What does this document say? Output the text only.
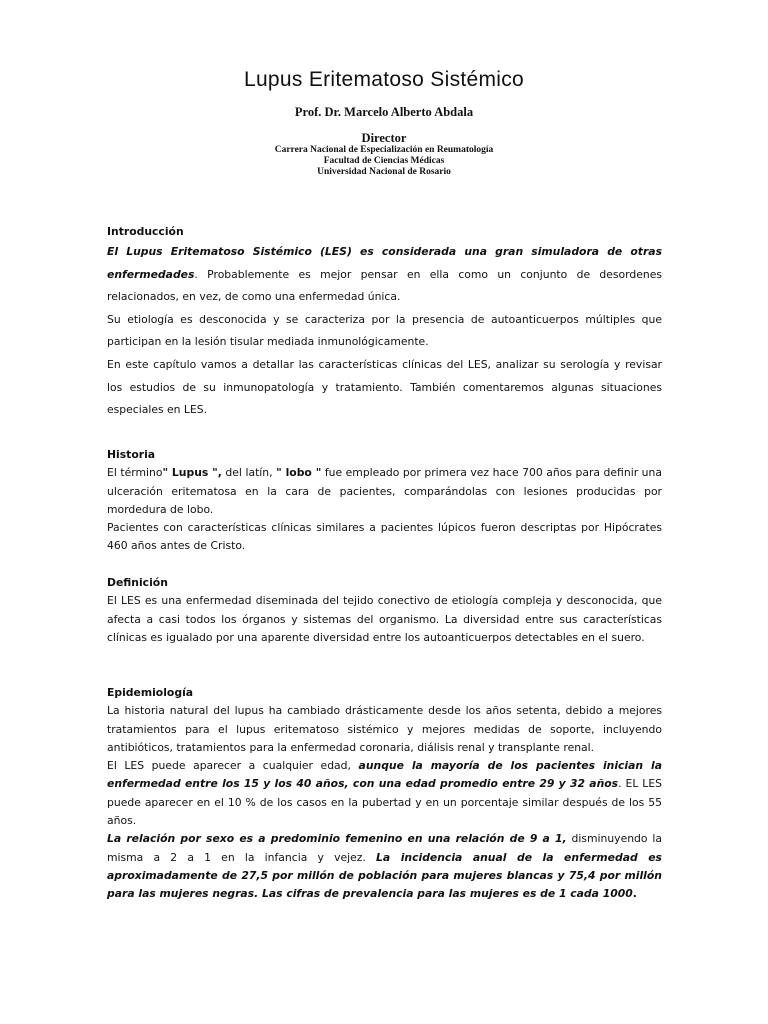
Lupus Eritematoso Sistémico
Prof. Dr. Marcelo Alberto Abdala
Director
Carrera Nacional de Especialización en Reumatología
Facultad de Ciencias Médicas
Universidad Nacional de Rosario

Introducción

El Lupus Eritematoso Sistémico (LES) es considerada una gran simuladora de otras enfermedades. Probablemente es mejor pensar en ella como un conjunto de desordenes relacionados, en vez, de como una enfermedad única.

Su etiología es desconocida y se caracteriza por la presencia de autoanticuerpos múltiples que participan en la lesión tisular mediada inmunológicamente.

En este capítulo vamos a detallar las características clínicas del LES, analizar su serología y revisar los estudios de su inmunopatología y tratamiento. También comentaremos algunas situaciones especiales en LES.

Historia

El término" Lupus ", del latín, " lobo " fue empleado por primera vez hace 700 años para definir una ulceración eritematosa en la cara de pacientes, comparándolas con lesiones producidas por mordedura de lobo.

Pacientes con características clínicas similares a pacientes lúpicos fueron descriptas por Hipócrates 460 años antes de Cristo.

Definición

El LES es una enfermedad diseminada del tejido conectivo de etiología compleja y desconocida, que afecta a casi todos los órganos y sistemas del organismo. La diversidad entre sus características clínicas es igualado por una aparente diversidad entre los autoanticuerpos detectables en el suero.

Epidemiología

La historia natural del lupus ha cambiado drásticamente desde los años setenta, debido a mejores tratamientos para el lupus eritematoso sistémico y mejores medidas de soporte, incluyendo antibióticos, tratamientos para la enfermedad coronaria, diálisis renal y transplante renal.

El LES puede aparecer a cualquier edad, aunque la mayoría de los pacientes inician la enfermedad entre los 15 y los 40 años, con una edad promedio entre 29 y 32 años. EL LES puede aparecer en el 10 % de los casos en la pubertad y en un porcentaje similar después de los 55 años.

La relación por sexo es a predominio femenino en una relación de 9 a 1, disminuyendo la misma a 2 a 1 en la infancia y vejez. La incidencia anual de la enfermedad es aproximadamente de 27,5 por millón de población para mujeres blancas y 75,4 por millón para las mujeres negras. Las cifras de prevalencia para las mujeres es de 1 cada 1000.
